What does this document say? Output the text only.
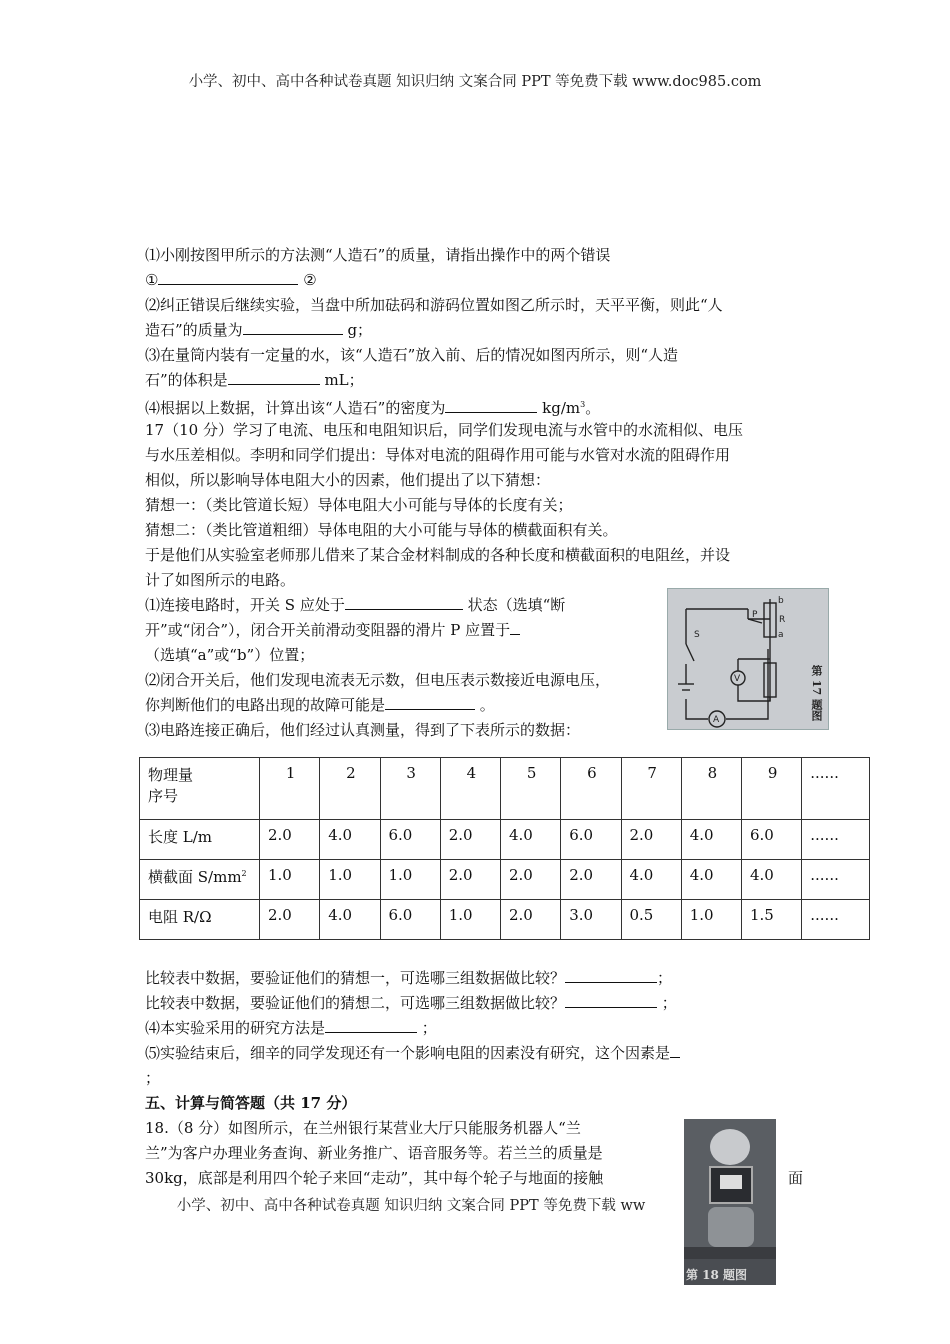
小学、初中、高中各种试卷真题 知识归纳 文案合同 PPT 等免费下载 www.doc985.com
⑴小刚按图甲所示的方法测“人造石”的质量，请指出操作中的两个错误
①	②
⑵纠正错误后继续实验，当盘中所加砝码和游码位置如图乙所示时，天平平衡，则此“人
造石”的质量为	g；
⑶在量筒内装有一定量的水，该“人造石”放入前、后的情况如图丙所示，则“人造
石”的体积是	mL；
⑷根据以上数据，计算出该“人造石”的密度为	$kg/m^3$。
17（10 分）学习了电流、电压和电阻知识后，同学们发现电流与水管中的水流相似、电压
与水压差相似。李明和同学们提出：导体对电流的阻碍作用可能与水管对水流的阻碍作用
相似，所以影响导体电阻大小的因素，他们提出了以下猜想：
猜想一：（类比管道长短）导体电阻大小可能与导体的长度有关；
猜想二：（类比管道粗细）导体电阻的大小可能与导体的横截面积有关。
于是他们从实验室老师那儿借来了某合金材料制成的各种长度和横截面积的电阻丝，并设
计了如图所示的电路。
⑴连接电路时，开关 S 应处于	状态（选填“断
开”或“闭合”），闭合开关前滑动变阻器的滑片 P 应置于
（选填“a”或“b”）位置；
⑵闭合开关后，他们发现电流表无示数，但电压表示数接近电源电压，
你判断他们的电路出现的故障可能是	。
⑶电路连接正确后，他们经过认真测量，得到了下表所示的数据：
S
P
b
a
R
V
A	第 17 题图
物理量
序号	1	2	3	4	5	6	7	8	9	......
长度 L/m	2.0	4.0	6.0	2.0	4.0	6.0	2.0	4.0	6.0	......
横截面 $S/mm^2$	1.0	1.0	1.0	2.0	2.0	2.0	4.0	4.0	4.0	......
电阻 R/Ω	2.0	4.0	6.0	1.0	2.0	3.0	0.5	1.0	1.5	......
比较表中数据，要验证他们的猜想一，可选哪三组数据做比较？	；
比较表中数据，要验证他们的猜想二，可选哪三组数据做比较？	；
⑷本实验采用的研究方法是	；
⑸实验结束后，细辛的同学发现还有一个影响电阻的因素没有研究，这个因素是
；
五、计算与简答题（共 17 分）
18.（8 分）如图所示，在兰州银行某营业大厅只能服务机器人“兰
兰”为客户办理业务查询、新业务推广、语音服务等。若兰兰的质量是
30kg，底部是利用四个轮子来回“走动”，其中每个轮子与地面的接触	面
小学、初中、高中各种试卷真题 知识归纳 文案合同 PPT 等免费下载 ww
第 18 题图
